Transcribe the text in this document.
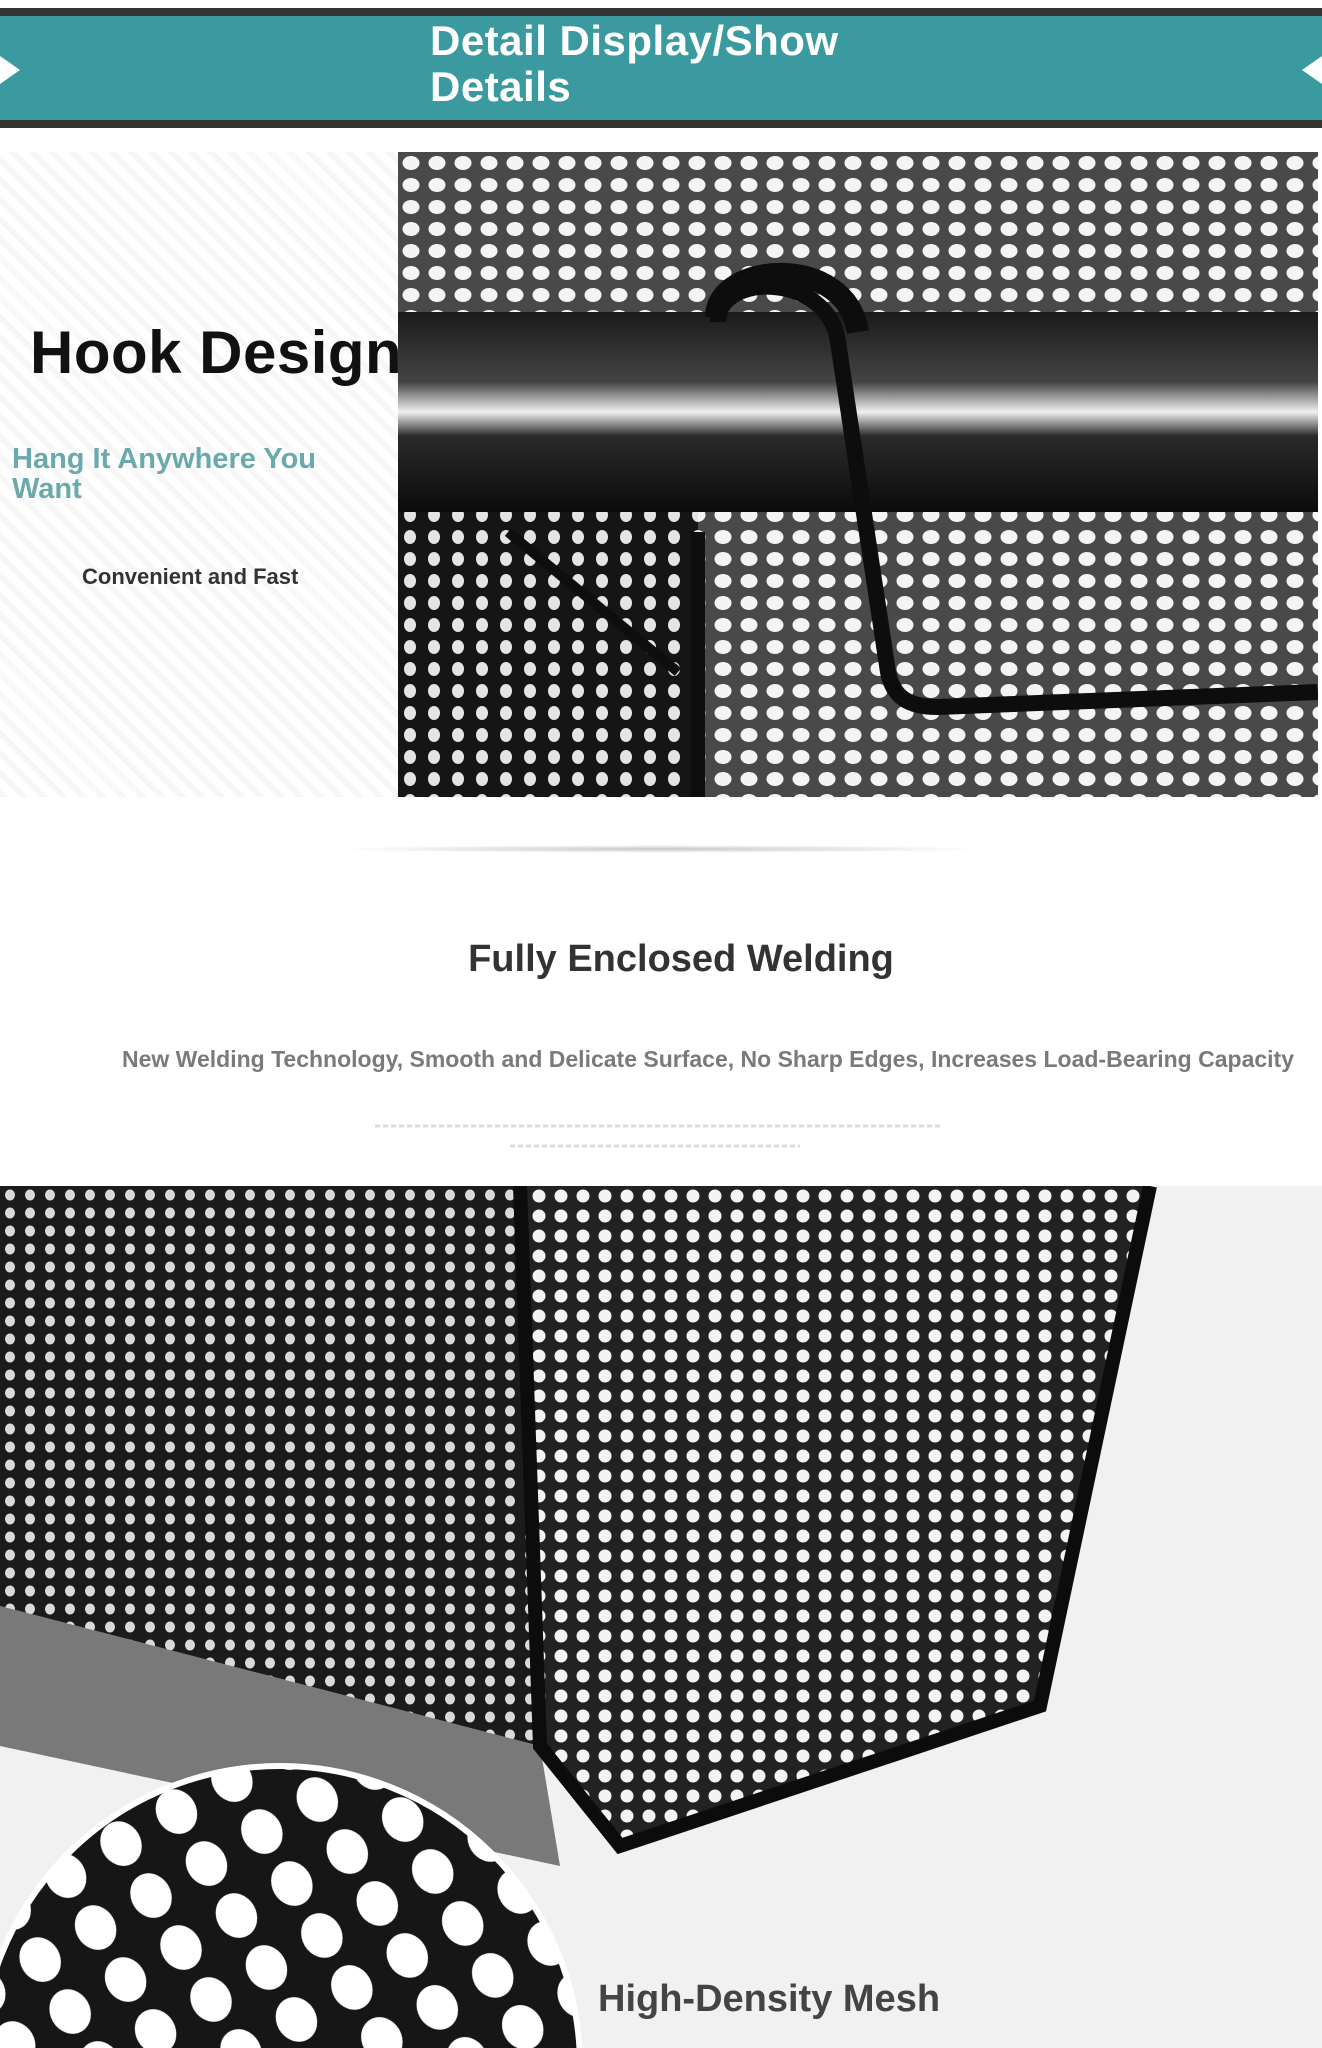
Detail Display/Show Details
Hook Design
Hang It Anywhere You Want
Convenient and Fast
Fully Enclosed Welding
New Welding Technology, Smooth and Delicate Surface, No Sharp Edges, Increases Load-Bearing Capacity
High-Density Mesh
